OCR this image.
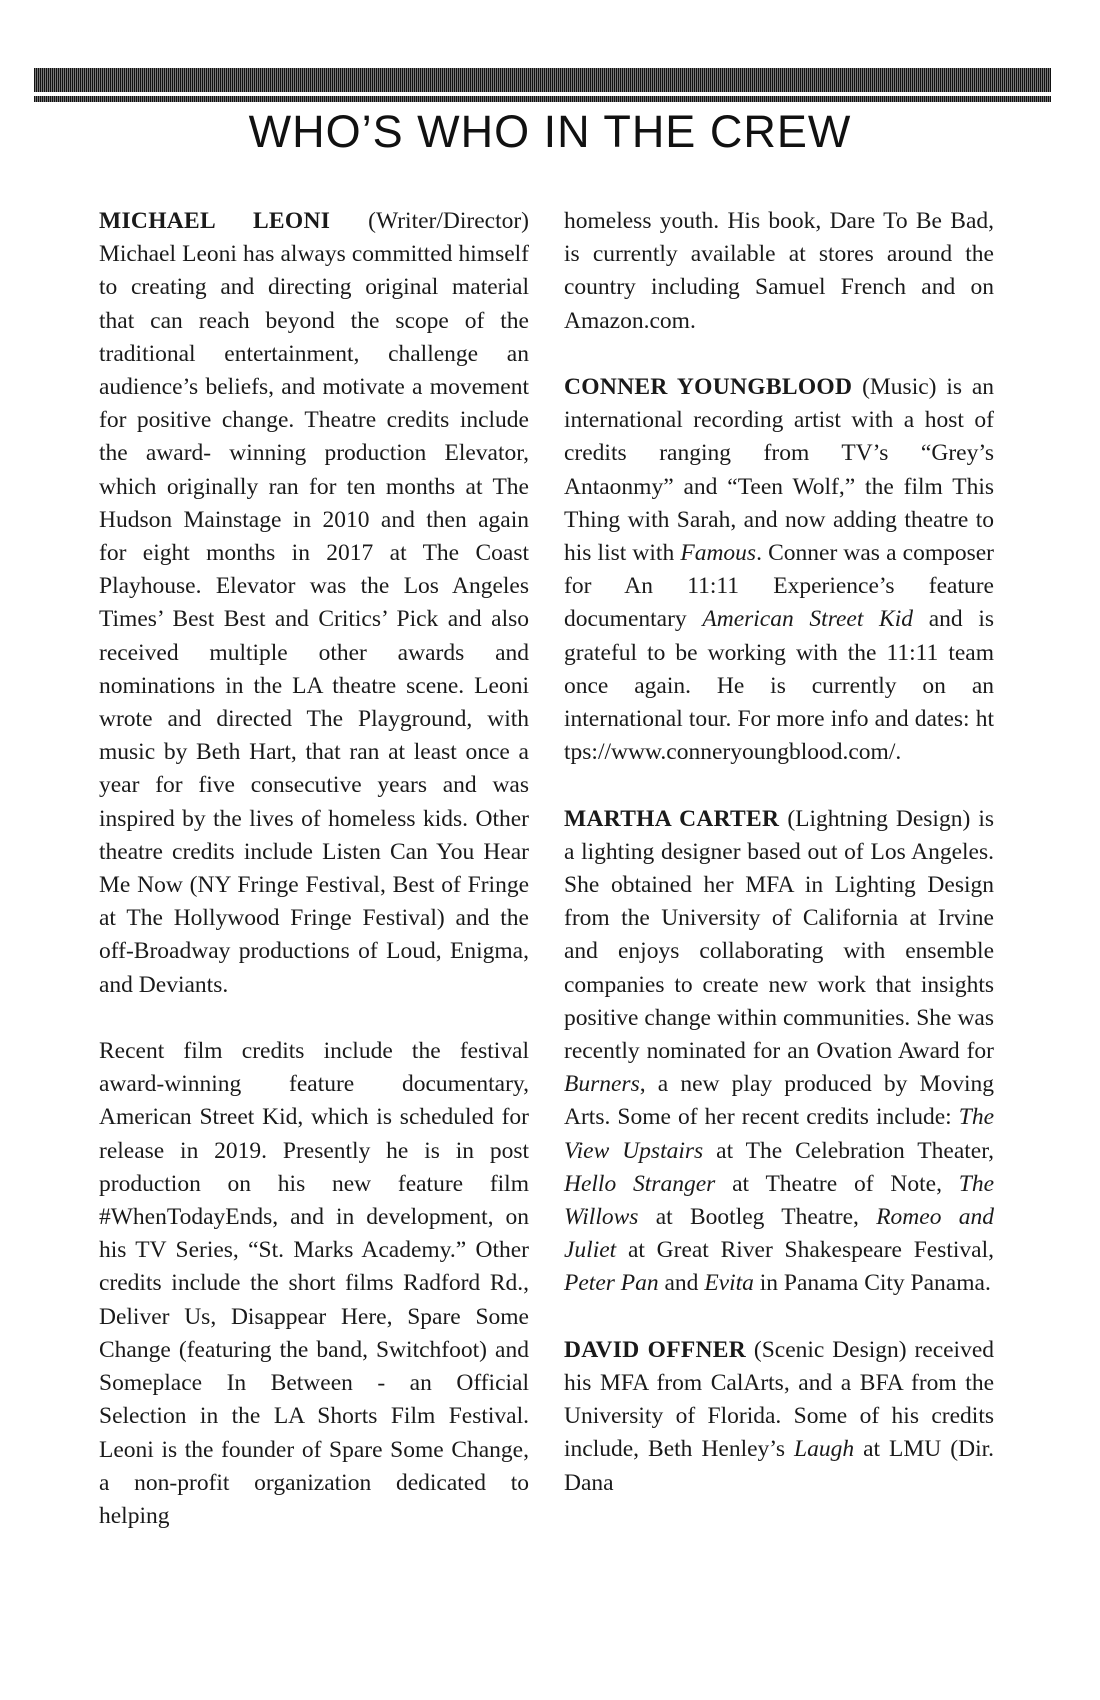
WHO’S WHO IN THE CREW

MICHAEL LEONI (Writer/Director) Michael Leoni has always committed himself to creating and directing original material that can reach beyond the scope of the traditional entertainment, challenge an audience’s beliefs, and motivate a movement for positive change. Theatre credits include the award- winning production Elevator, which originally ran for ten months at The Hudson Mainstage in 2010 and then again for eight months in 2017 at The Coast Playhouse. Elevator was the Los Angeles Times’ Best Best and Critics’ Pick and also received multiple other awards and nominations in the LA theatre scene. Leoni wrote and directed The Playground, with music by Beth Hart, that ran at least once a year for five consecutive years and was inspired by the lives of homeless kids. Other theatre credits include Listen Can You Hear Me Now (NY Fringe Festival, Best of Fringe at The Hollywood Fringe Festival) and the off-Broadway productions of Loud, Enigma, and Deviants.

Recent film credits include the festival award-winning feature documentary, American Street Kid, which is scheduled for release in 2019. Presently he is in post production on his new feature film #WhenTodayEnds, and in development, on his TV Series, “St. Marks Academy.” Other credits include the short films Radford Rd., Deliver Us, Disappear Here, Spare Some Change (featuring the band, Switchfoot) and Someplace In Between - an Official Selection in the LA Shorts Film Festival. Leoni is the founder of Spare Some Change, a non-profit organization dedicated to helping

homeless youth. His book, Dare To Be Bad, is currently available at stores around the country including Samuel French and on Amazon.com.

CONNER YOUNGBLOOD (Music) is an international recording artist with a host of credits ranging from TV’s “Grey’s Antaonmy” and “Teen Wolf,” the film This Thing with Sarah, and now adding theatre to his list with Famous. Conner was a composer for An 11:11 Experience’s feature documentary American Street Kid and is grateful to be working with the 11:11 team once again. He is currently on an international tour. For more info and dates: https://www.conneryoungblood.com/.

MARTHA CARTER (Lightning Design) is a lighting designer based out of Los Angeles. She obtained her MFA in Lighting Design from the University of California at Irvine and enjoys collaborating with ensemble companies to create new work that insights positive change within communities. She was recently nominated for an Ovation Award for Burners, a new play produced by Moving Arts. Some of her recent credits include: The View Upstairs at The Celebration Theater, Hello Stranger at Theatre of Note, The Willows at Bootleg Theatre, Romeo and Juliet at Great River Shakespeare Festival, Peter Pan and Evita in Panama City Panama.

DAVID OFFNER (Scenic Design) received his MFA from CalArts, and a BFA from the University of Florida. Some of his credits include, Beth Henley’s Laugh at LMU (Dir. Dana
